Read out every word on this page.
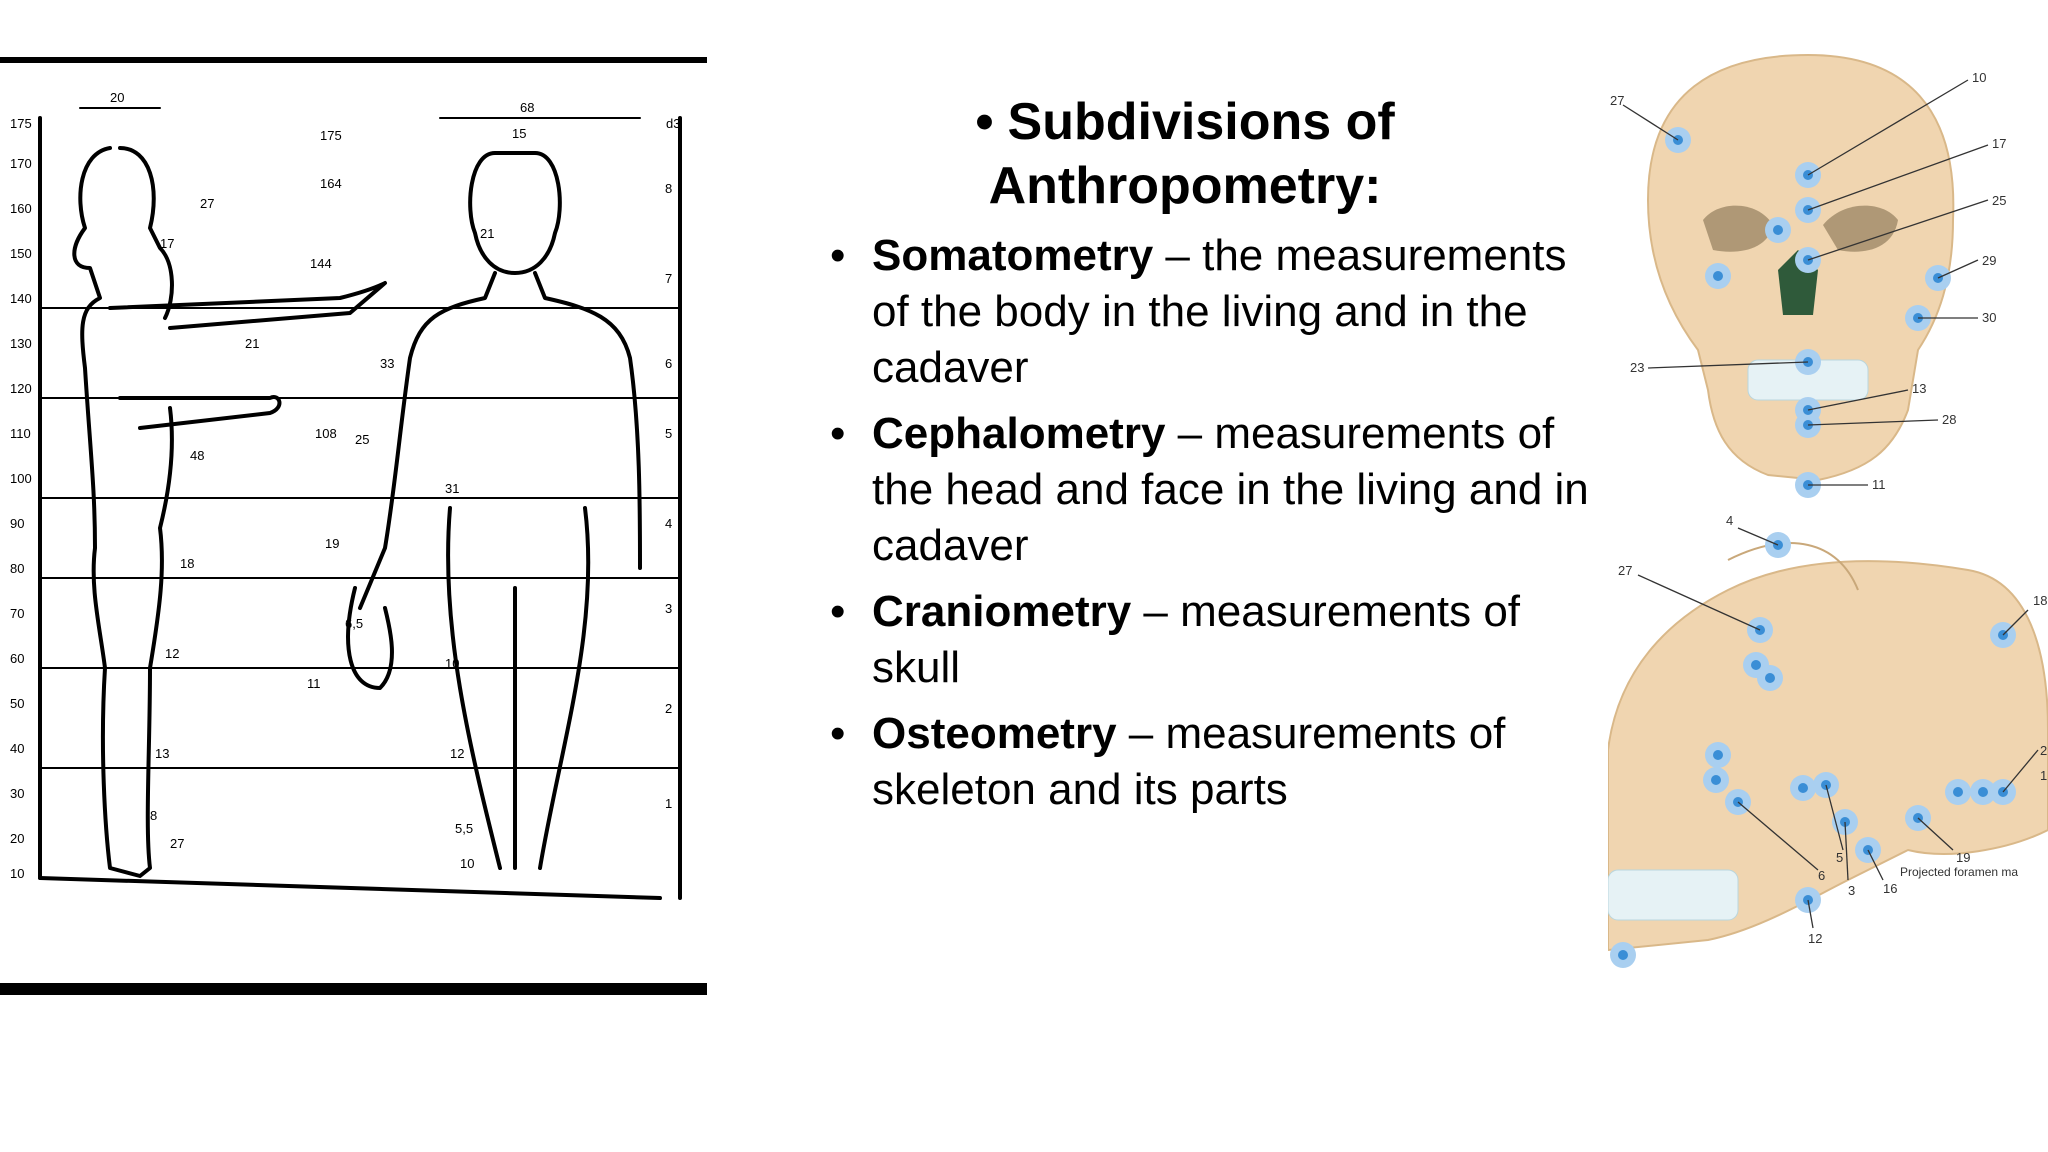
175
170
160
150
140
130
120
110
100
90
80
70
60
50
40
30
20
10
20
68
15
d3
27
175
164
144
21
108
48
18
12
13
8
27
17
25
33
21
19
6,5
31
10
12
5,5
10
11
8
7
6
5
4
3
2
1
• Subdivisions of Anthropometry:
• Somatometry – the measurements of the body in the living and in the cadaver
• Cephalometry – measurements of the head and face in the living and in cadaver
• Craniometry – measurements of skull
• Osteometry – measurements of skeleton and its parts
27
10
17
25
29
30
23
13
28
11
4
27
18
2
1
19
5
6
3 16
12
Projected foramen ma
